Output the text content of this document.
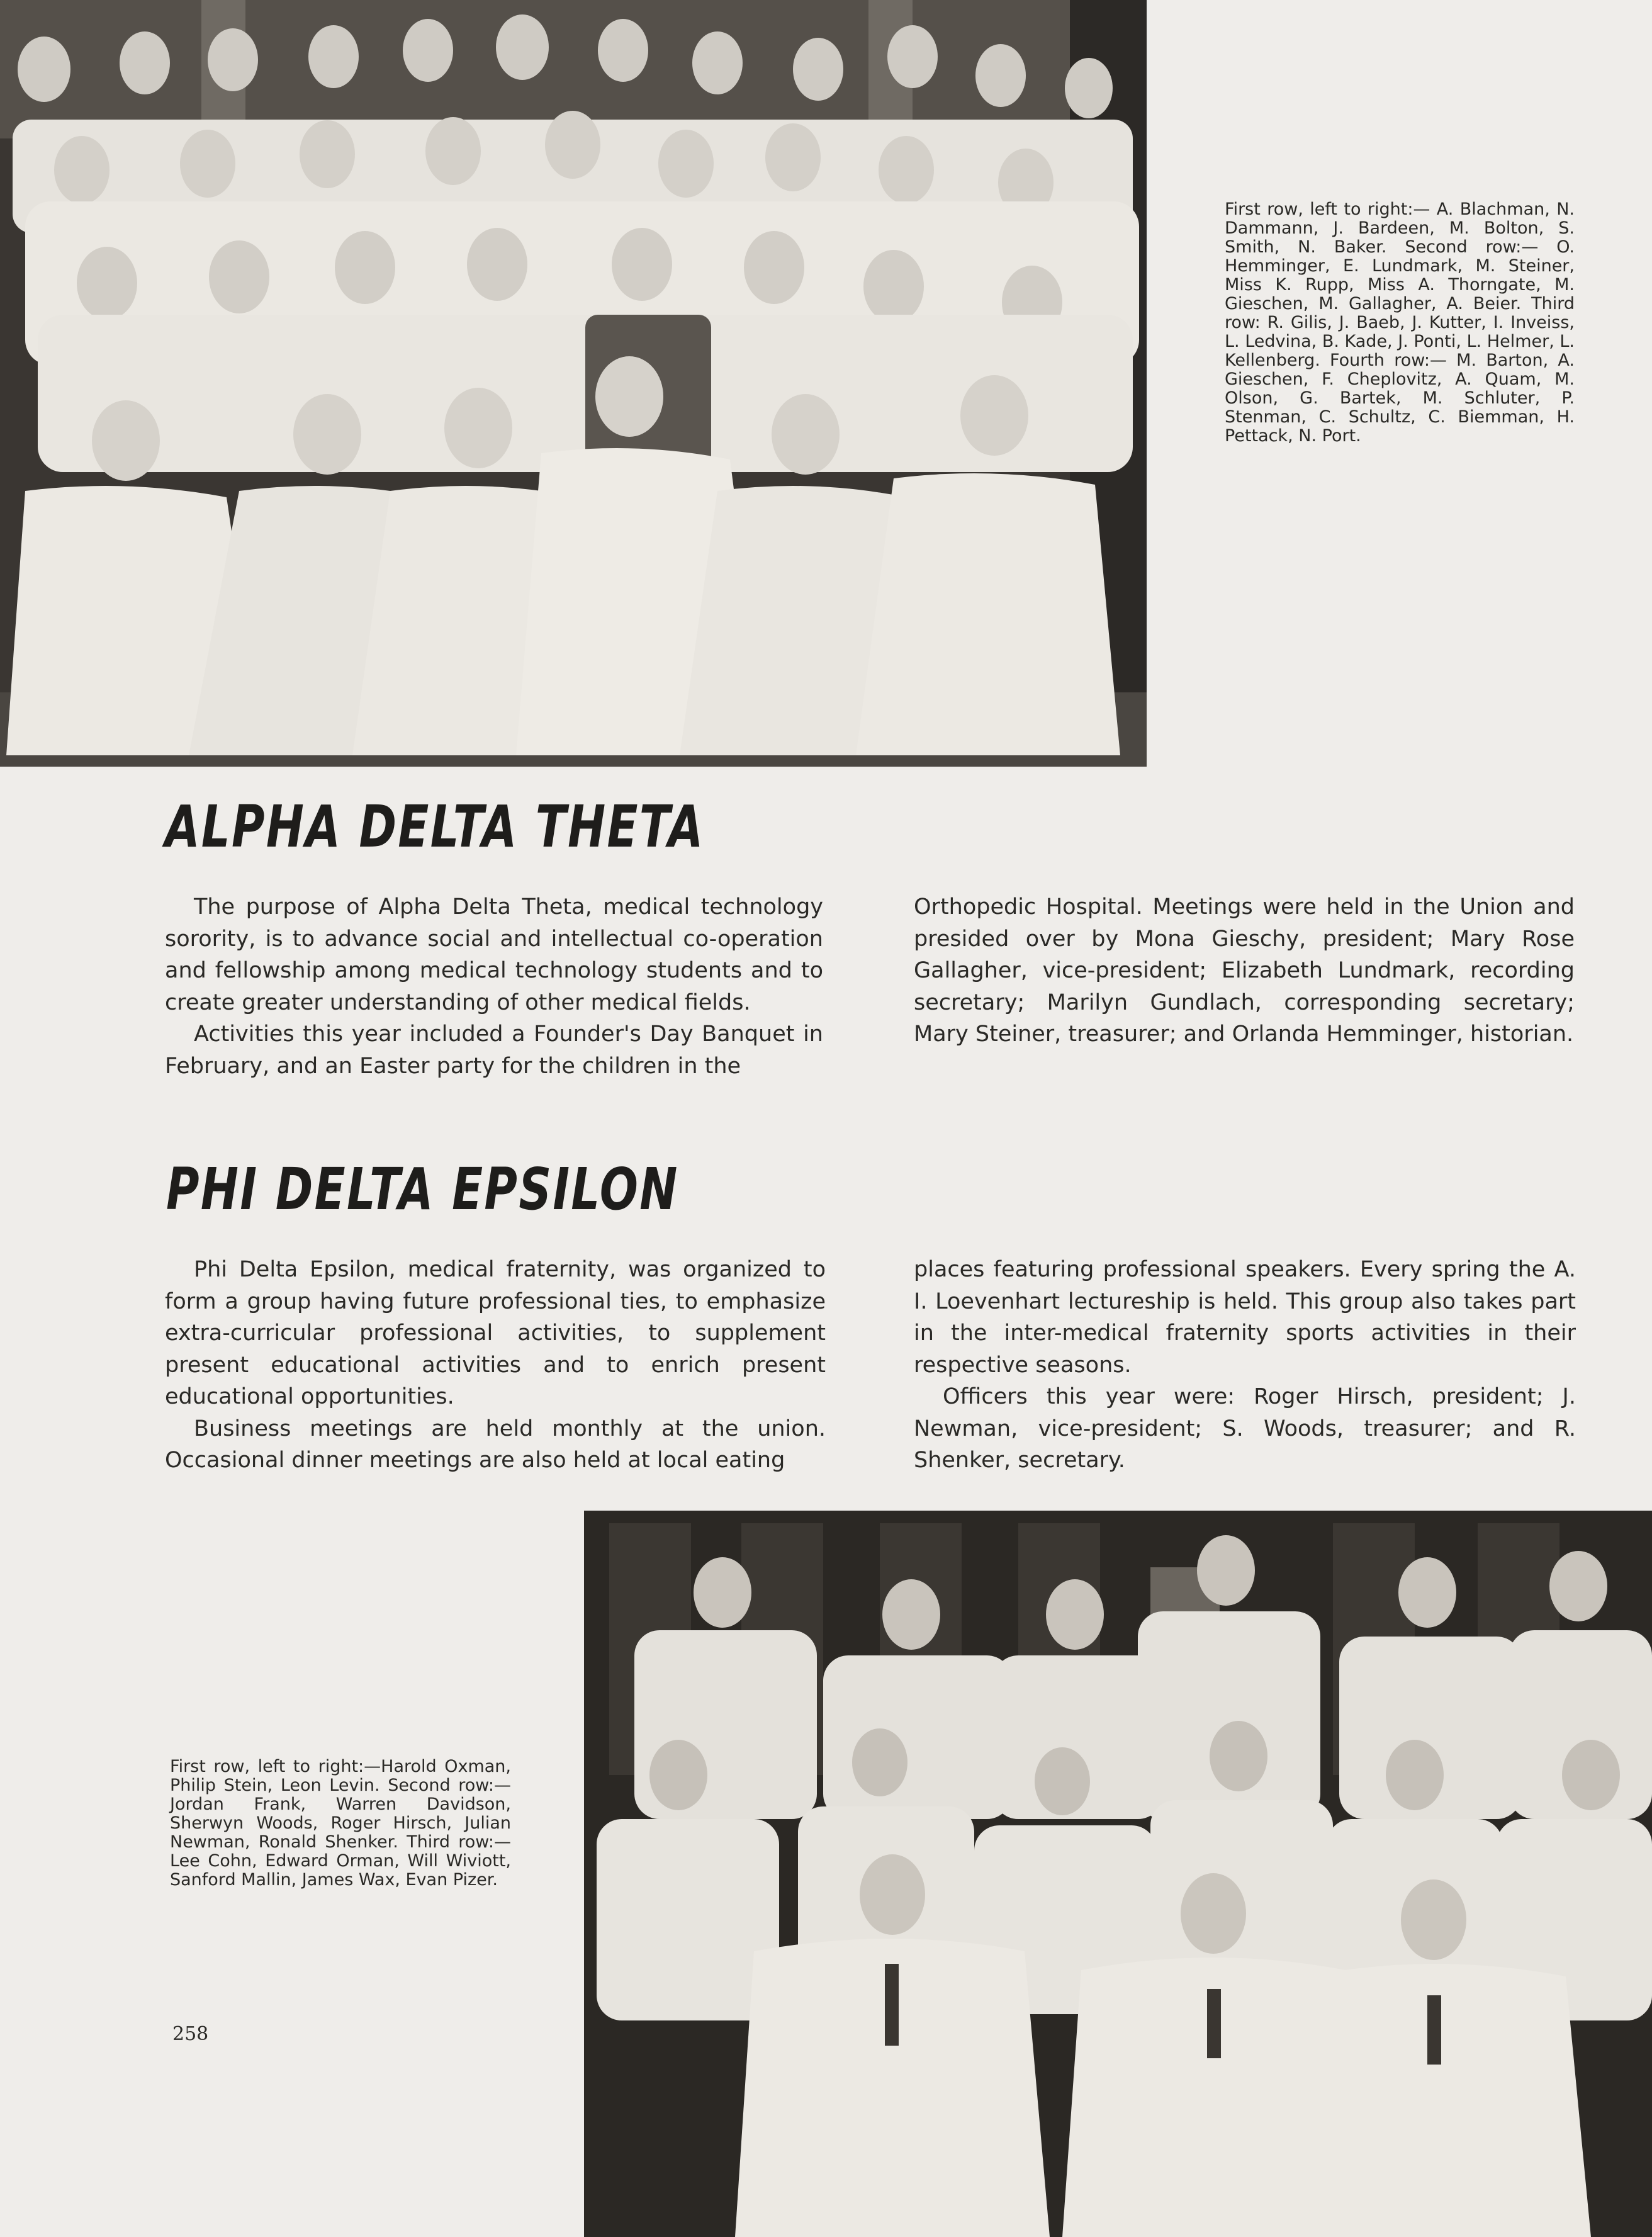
First row, left to right:— A. Blachman, N. Dammann, J. Bardeen, M. Bolton, S. Smith, N. Baker. Second row:— O. Hemminger, E. Lundmark, M. Steiner, Miss K. Rupp, Miss A. Thorngate, M. Gieschen, M. Gallagher, A. Beier. Third row: R. Gilis, J. Baeb, J. Kutter, I. Inveiss, L. Ledvina, B. Kade, J. Ponti, L. Helmer, L. Kellenberg. Fourth row:— M. Barton, A. Gieschen, F. Cheplovitz, A. Quam, M. Olson, G. Bartek, M. Schluter, P. Stenman, C. Schultz, C. Biemman, H. Pettack, N. Port.
ALPHA DELTA THETA

The purpose of Alpha Delta Theta, medical technology sorority, is to advance social and intellectual co-operation and fellowship among medical technology students and to create greater understanding of other medical fields.

Activities this year included a Founder's Day Banquet in February, and an Easter party for the children in the

Orthopedic Hospital. Meetings were held in the Union and presided over by Mona Gieschy, president; Mary Rose Gallagher, vice-president; Elizabeth Lundmark, recording secretary; Marilyn Gundlach, corresponding secretary; Mary Steiner, treasurer; and Orlanda Hemminger, historian.

PHI DELTA EPSILON

Phi Delta Epsilon, medical fraternity, was organized to form a group having future professional ties, to emphasize extra-curricular professional activities, to supplement present educational activities and to enrich present educational opportunities.

Business meetings are held monthly at the union. Occasional dinner meetings are also held at local eating

places featuring professional speakers. Every spring the A. I. Loevenhart lectureship is held. This group also takes part in the inter-medical fraternity sports activities in their respective seasons.

Officers this year were: Roger Hirsch, president; J. Newman, vice-president; S. Woods, treasurer; and R. Shenker, secretary.

First row, left to right:—Harold Oxman, Philip Stein, Leon Levin. Second row:— Jordan Frank, Warren Davidson, Sherwyn Woods, Roger Hirsch, Julian Newman, Ronald Shenker. Third row:— Lee Cohn, Edward Orman, Will Wiviott, Sanford Mallin, James Wax, Evan Pizer.
258
